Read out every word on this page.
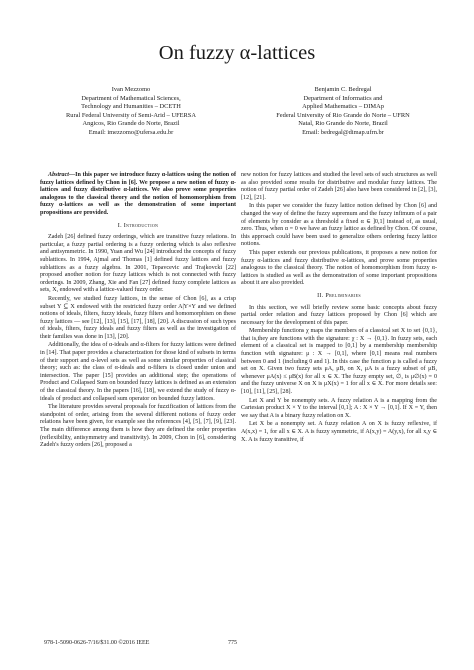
On fuzzy α-lattices
Ivan Mezzomo
Department of Mathematical Sciences,
Technology and Humanities – DCETH
Rural Federal University of Semi-Arid – UFERSA
Angicos, Rio Grande do Norte, Brazil
Email: imezzomo@ufersa.edu.br
Benjamin C. Bedregal
Department of Informatics and
Applied Mathematics – DIMAp
Federal University of Rio Grande do Norte – UFRN
Natal, Rio Grande do Norte, Brazil
Email: bedregal@dimap.ufrn.br

Abstract—In this paper we introduce fuzzy α-lattices using the notion of fuzzy lattices defined by Chon in [6]. We propose a new notion of fuzzy α-lattices and fuzzy distributive α-lattices. We also prove some properties analogous to the classical theory and the notion of homomorphism from fuzzy α-lattices as well as the demonstration of some important propositions are provided.

I. Introduction

Zadeh [26] defined fuzzy orderings, which are transitive fuzzy relations. In particular, a fuzzy partial ordering is a fuzzy ordering which is also reflexive and antisymmetric. In 1990, Yuan and Wu [24] introduced the concepts of fuzzy sublattices. In 1994, Ajmal and Thomas [1] defined fuzzy lattices and fuzzy sublattices as a fuzzy algebra. In 2001, Tepavcevic and Trajkovcki [22] proposed another notion for fuzzy lattices which is not connected with fuzzy orderings. In 2009, Zhang, Xie and Fan [27] defined fuzzy complete lattices as sets, X, endowed with a lattice-valued fuzzy order.

Recently, we studied fuzzy lattices, in the sense of Chon [6], as a crisp subset Y ⊆ X endowed with the restricted fuzzy order A|Y×Y and we defined notions of ideals, filters, fuzzy ideals, fuzzy filters and homomorphism on these fuzzy lattices — see [12], [13], [15], [17], [18], [20]. A discussion of such types of ideals, filters, fuzzy ideals and fuzzy filters as well as the investigation of their families was done in [13], [20].

Additionally, the idea of α-ideals and α-filters for fuzzy lattices were defined in [14]. That paper provides a characterization for those kind of subsets in terms of their support and α-level sets as well as some similar properties of classical theory; such as: the class of α-ideals and α-filters is closed under union and intersection. The paper [15] provides an additional step; the operations of Product and Collapsed Sum on bounded fuzzy lattices is defined as an extension of the classical theory. In the papers [16], [18], we extend the study of fuzzy α-ideals of product and collapsed sum operator on bounded fuzzy lattices.

The literature provides several proposals for fuzzification of lattices from the standpoint of order, arising from the several different notions of fuzzy order relations have been given, for example see the references [4], [5], [7], [9], [23]. The main difference among them is how they are defined the order properties (reflexibility, antisymmetry and transitivity). In 2009, Chon in [6], considering Zadeh's fuzzy orders [26], proposed a

new notion for fuzzy lattices and studied the level sets of such structures as well as also provided some results for distributive and modular fuzzy lattices. The notion of fuzzy partial order of Zadeh [26] also have been considered in [2], [3], [12], [21].

In this paper we consider the fuzzy lattice notion defined by Chon [6] and changed the way of define the fuzzy supremum and the fuzzy infimum of a pair of elements by consider as a threshold a fixed α ∈ ]0,1] instead of, as usual, zero. Thus, when α = 0 we have an fuzzy lattice as defined by Chon. Of course, this approach could have been used to generalize others ordering fuzzy lattice notions.

This paper extends our previous publications, it proposes a new notion for fuzzy α-lattices and fuzzy distributive α-lattices, and prove some properties analogous to the classical theory. The notion of homomorphism from fuzzy α-lattices is studied as well as the demonstration of some important propositions about it are also provided.

II. Preliminaries

In this section, we will briefly review some basic concepts about fuzzy partial order relation and fuzzy lattices proposed by Chon [6] which are necessary for the development of this paper.

Membership functions χ maps the members of a classical set X to set {0,1}, that is,they are functions with the signature: χ : X → {0,1}. In fuzzy sets, each element of a classical set is mapped to [0,1] by a membership membership function with signature: μ : X → [0,1], where [0,1] means real numbers between 0 and 1 (including 0 and 1). In this case the function μ is called a fuzzy set on X. Given two fuzzy sets μA, μB, on X, μA is a fuzzy subset of μB, whenever μA(x) ≤ μB(x) for all x ∈ X. The fuzzy empty set, ∅, is μ∅(x) = 0 and the fuzzy universe X on X is μX(x) = 1 for all x ∈ X. For more details see: [10], [11], [25], [28].

Let X and Y be nonempty sets. A fuzzy relation A is a mapping from the Cartesian product X × Y to the interval [0,1]; A : X × Y → [0,1]. If X = Y, then we say that A is a binary fuzzy relation on X.

Let X be a nonempty set. A fuzzy relation A on X is fuzzy reflexive, if A(x,x) = 1, for all x ∈ X. A is fuzzy symmetric, if A(x,y) = A(y,x), for all x,y ∈ X. A is fuzzy transitive, if

978-1-5090-0626-7/16/$31.00 ©2016 IEEE	775
